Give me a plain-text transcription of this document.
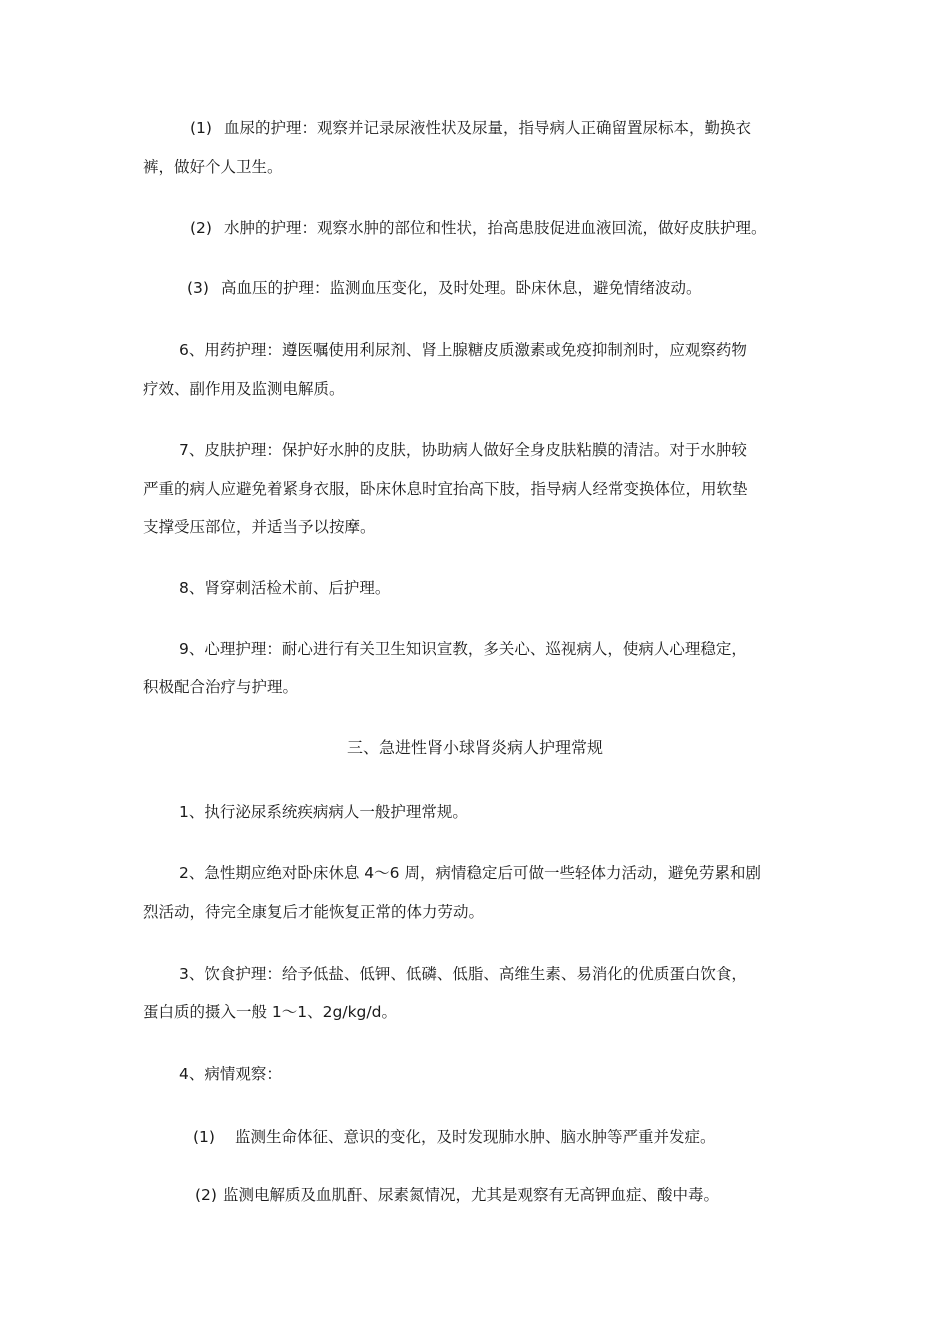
(1) 血尿的护理：观察并记录尿液性状及尿量，指导病人正确留置尿标本，勤换衣
裤，做好个人卫生。
(2) 水肿的护理：观察水肿的部位和性状，抬高患肢促进血液回流，做好皮肤护理。
(3) 高血压的护理：监测血压变化，及时处理。卧床休息，避免情绪波动。
6、用药护理：遵医嘱使用利尿剂、肾上腺糖皮质激素或免疫抑制剂时，应观察药物
疗效、副作用及监测电解质。
7、皮肤护理：保护好水肿的皮肤，协助病人做好全身皮肤粘膜的清洁。对于水肿较
严重的病人应避免着紧身衣服，卧床休息时宜抬高下肢，指导病人经常变换体位，用软垫
支撑受压部位，并适当予以按摩。
8、肾穿刺活检术前、后护理。
9、心理护理：耐心进行有关卫生知识宣教，多关心、巡视病人，使病人心理稳定，
积极配合治疗与护理。
三、急进性肾小球肾炎病人护理常规
1、执行泌尿系统疾病病人一般护理常规。
2、急性期应绝对卧床休息 4～6 周，病情稳定后可做一些轻体力活动，避免劳累和剧
烈活动，待完全康复后才能恢复正常的体力劳动。
3、饮食护理：给予低盐、低钾、低磷、低脂、高维生素、易消化的优质蛋白饮食，
蛋白质的摄入一般 1～1、2g/kg/d。
4、病情观察：
(1) 监测生命体征、意识的变化，及时发现肺水肿、脑水肿等严重并发症。
(2) 监测电解质及血肌酐、尿素氮情况，尤其是观察有无高钾血症、酸中毒。
